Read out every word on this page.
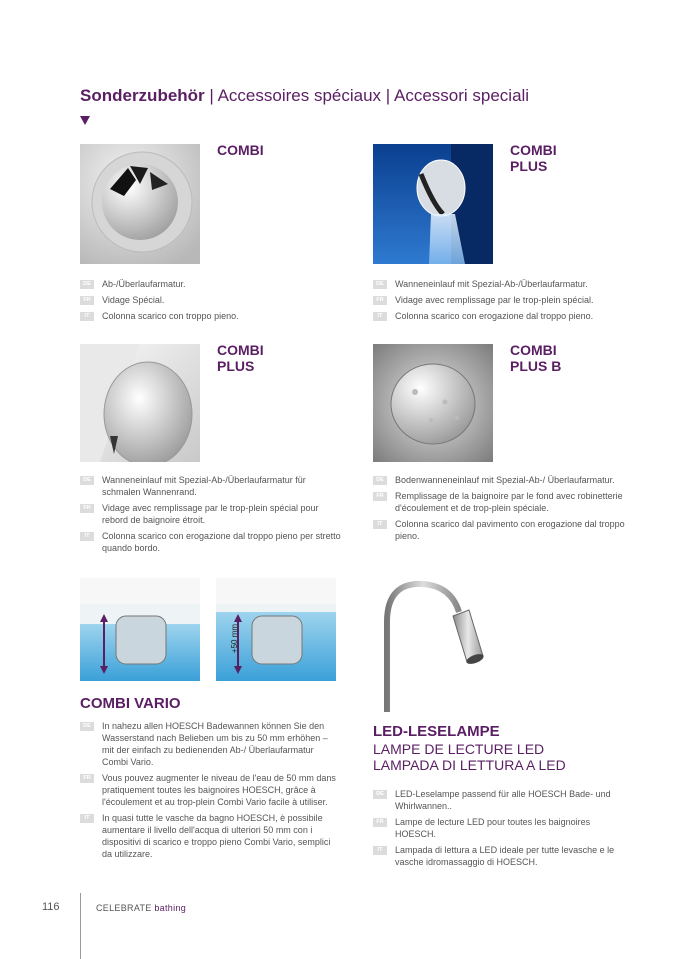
Sonderzubehör | Accessoires spéciaux | Accessori speciali
COMBI
DE	Ab-/Überlaufarmatur.
FR	Vidage Spécial.
IT	Colonna scarico con troppo pieno.
COMBI
PLUS
DE	Wanneneinlauf mit Spezial-Ab-/Überlaufarmatur.
FR	Vidage avec remplissage par le trop-plein spécial.
IT	Colonna scarico con erogazione dal troppo pieno.
COMBI
PLUS
DE	Wanneneinlauf mit Spezial-Ab-/Überlaufarmatur für schmalen Wannenrand.
FR	Vidage avec remplissage par le trop-plein spécial pour rebord de baignoire étroit.
IT	Colonna scarico con erogazione dal troppo pieno per stretto quando bordo.
COMBI
PLUS B
DE	Bodenwanneneinlauf mit Spezial-Ab-/ Überlaufarmatur.
FR	Remplissage de la baignoire par le fond avec robinetterie d'écoulement et de trop-plein spéciale.
IT	Colonna scarico dal pavimento con erogazione dal troppo pieno.
+50 mm
COMBI VARIO
DE	In nahezu allen HOESCH Badewannen können Sie den Wasserstand nach Belieben um bis zu 50 mm erhöhen – mit der einfach zu bedienenden Ab-/ Überlaufarmatur Combi Vario.
FR	Vous pouvez augmenter le niveau de l'eau de 50 mm dans pratiquement toutes les baignoires HOESCH, grâce à l'écoulement et au trop-plein Combi Vario facile à utiliser.
IT	In quasi tutte le vasche da bagno HOESCH, è possibile aumentare il livello dell'acqua di ulteriori 50 mm con i dispositivi di scarico e troppo pieno Combi Vario, semplici da utilizzare.
LED-LESELAMPE
LAMPE DE LECTURE LED
LAMPADA DI LETTURA A LED
DE	LED-Leselampe passend für alle HOESCH Bade- und Whirlwannen..
FR	Lampe de lecture LED pour toutes les baignoires HOESCH.
IT	Lampada di lettura a LED ideale per tutte levasche e le vasche idromassaggio di HOESCH.
116	CELEBRATE bathing
